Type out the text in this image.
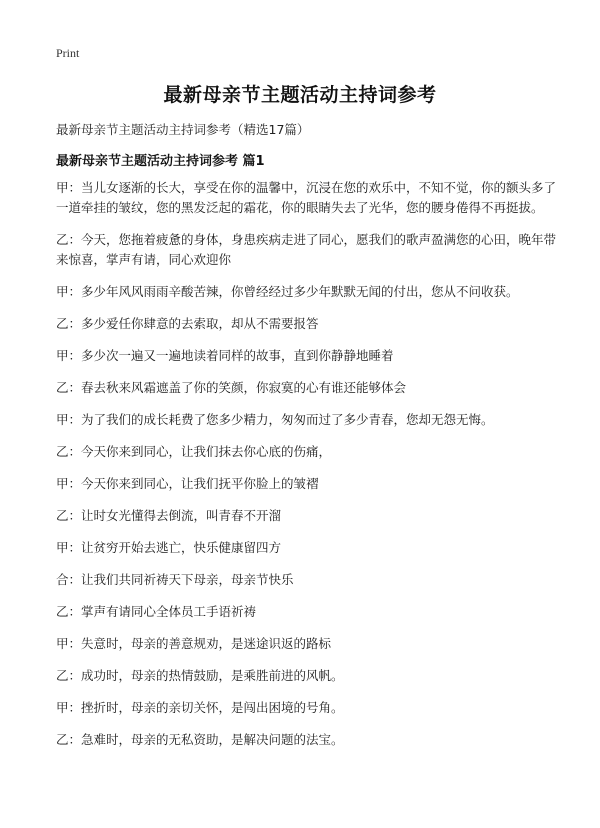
Print
最新母亲节主题活动主持词参考
最新母亲节主题活动主持词参考（精选17篇）
最新母亲节主题活动主持词参考 篇1

甲：当儿女逐渐的长大，享受在你的温馨中，沉浸在您的欢乐中，不知不觉，你的额头多了一道牵挂的皱纹，您的黑发泛起的霜花，你的眼睛失去了光华，您的腰身倦得不再挺拔。

乙：今天，您拖着疲惫的身体，身患疾病走进了同心，愿我们的歌声盈满您的心田，晚年带来惊喜，掌声有请，同心欢迎你

甲：多少年风风雨雨辛酸苦辣，你曾经经过多少年默默无闻的付出，您从不问收获。

乙：多少爱任你肆意的去索取，却从不需要报答

甲：多少次一遍又一遍地读着同样的故事，直到你静静地睡着

乙：春去秋来风霜遮盖了你的笑颜，你寂寞的心有谁还能够体会

甲：为了我们的成长耗费了您多少精力，匆匆而过了多少青春，您却无怨无悔。

乙：今天你来到同心，让我们抹去你心底的伤痛，

甲：今天你来到同心，让我们抚平你脸上的皱褶

乙：让时女光懂得去倒流，叫青春不开溜

甲：让贫穷开始去逃亡，快乐健康留四方

合：让我们共同祈祷天下母亲，母亲节快乐

乙：掌声有请同心全体员工手语祈祷

甲：失意时，母亲的善意规劝，是迷途识返的路标

乙：成功时，母亲的热情鼓励，是乘胜前进的风帆。

甲：挫折时，母亲的亲切关怀，是闯出困境的号角。

乙：急难时，母亲的无私资助，是解决问题的法宝。
